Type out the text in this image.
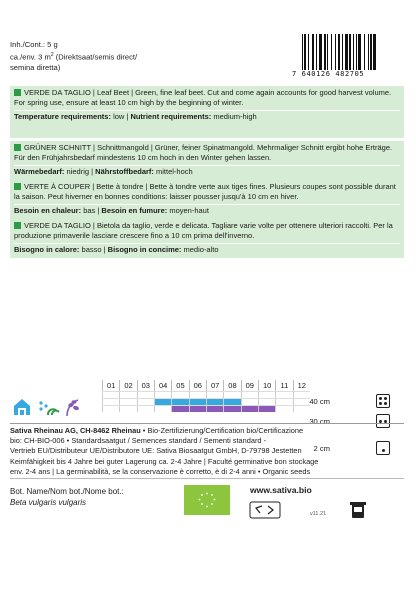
Inh./Cont.: 5 g
ca./env. 3 $m^2$ (Direktsaat/semis direct/
semina diretta)
7 640126 482705
VERDE DA TAGLIO | Leaf Beet | Green, fine leaf beet. Cut and come again accounts for good harvest volume. For spring use, ensure at least 10 cm high by the beginning of winter.
Temperature requirements: low | Nutrient requirements: medium-high
GRÜNER SCHNITT | Schnittmangold | Grüner, feiner Spinatmangold. Mehrmaliger Schnitt ergibt hohe Erträge. Für den Frühjahrsbedarf mindestens 10 cm hoch in den Winter gehen lassen.
Wärmebedarf: niedrig | Nährstoffbedarf: mittel-hoch
VERTE À COUPER | Bette à tondre | Bette à tondre verte aux tiges fines. Plusieurs coupes sont possible durant la saison. Peut hiverner en bonnes conditions: laisser pousser jusqu'à 10 cm en hiver.
Besoin en chaleur: bas | Besoin en fumure: moyen-haut
VERDE DA TAGLIO | Bietola da taglio, verde e delicata. Tagliare varie volte per ottenere ulteriori raccolti. Per la produzione primaverile lasciare crescere fino a 10 cm prima dell'inverno.
Bisogno in calore: basso | Bisogno in concime: medio-alto
01	02	03	04	05	06	07	08	09	10	11	12
40 cm
30 cm
2 cm
Sativa Rheinau AG, CH-8462 Rheinau • Bio-Zertifizierung/Certification bio/Certificazione
bio: CH-BIO-006 • Standardsaatgut / Semences standard / Sementi standard -
Vertrieb EU/Distributeur UE/Distributore UE: Sativa Biosaatgut GmbH, D-79798 Jestetten
Keimfähigkeit bis 4 Jahre bei guter Lagerung ca. 2-4 Jahre | Faculté germinative bon stockage
env. 2-4 ans | La germinabilità, se la conservazione è corretto, è di 2-4 anni • Organic seeds
Bot. Name/Nom bot./Nome bot.:
Beta vulgaris vulgaris
www.sativa.bio
v11.21
